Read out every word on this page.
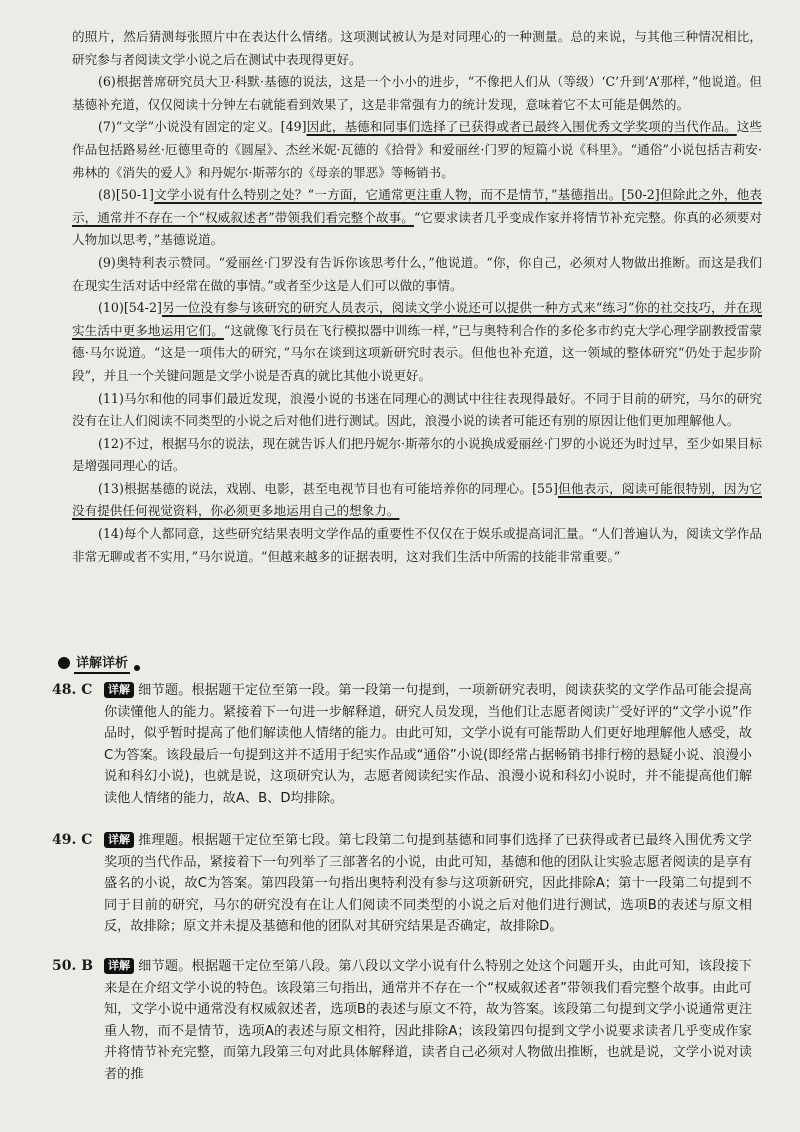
的照片，然后猜测每张照片中在表达什么情绪。这项测试被认为是对同理心的一种测量。总的来说，与其他三种情况相比，研究参与者阅读文学小说之后在测试中表现得更好。

(6)根据普席研究员大卫·科默·基德的说法，这是一个小小的进步，“不像把人们从（等级）‘C’升到‘A’那样，”他说道。但基德补充道，仅仅阅读十分钟左右就能看到效果了，这是非常强有力的统计发现，意味着它不太可能是偶然的。

(7)“文学”小说没有固定的定义。[49]因此，基德和同事们选择了已获得或者已最终入围优秀文学奖项的当代作品。这些作品包括路易丝·厄德里奇的《圆屋》、杰丝米妮·瓦德的《拾骨》和爱丽丝·门罗的短篇小说《科里》。“通俗”小说包括吉莉安·弗林的《消失的爱人》和丹妮尔·斯蒂尔的《母亲的罪恶》等畅销书。

(8)[50-1]文学小说有什么特别之处？“一方面，它通常更注重人物，而不是情节，”基德指出。[50-2]但除此之外，他表示，通常并不存在一个“权威叙述者”带领我们看完整个故事。“它要求读者几乎变成作家并将情节补充完整。你真的必须要对人物加以思考，”基德说道。

(9)奥特利表示赞同。“爱丽丝·门罗没有告诉你该思考什么，”他说道。“你，你自己，必须对人物做出推断。而这是我们在现实生活对话中经常在做的事情。”或者至少这是人们可以做的事情。

(10)[54-2]另一位没有参与该研究的研究人员表示，阅读文学小说还可以提供一种方式来“练习”你的社交技巧，并在现实生活中更多地运用它们。“这就像飞行员在飞行模拟器中训练一样，”已与奥特利合作的多伦多市约克大学心理学副教授雷蒙德·马尔说道。“这是一项伟大的研究，”马尔在谈到这项新研究时表示。但他也补充道，这一领域的整体研究“仍处于起步阶段”，并且一个关键问题是文学小说是否真的就比其他小说更好。

(11)马尔和他的同事们最近发现，浪漫小说的书迷在同理心的测试中往往表现得最好。不同于目前的研究，马尔的研究没有在让人们阅读不同类型的小说之后对他们进行测试。因此，浪漫小说的读者可能还有别的原因让他们更加理解他人。

(12)不过，根据马尔的说法，现在就告诉人们把丹妮尔·斯蒂尔的小说换成爱丽丝·门罗的小说还为时过早，至少如果目标是增强同理心的话。

(13)根据基德的说法，戏剧、电影，甚至电视节目也有可能培养你的同理心。[55]但他表示，阅读可能很特别，因为它没有提供任何视觉资料，你必须更多地运用自己的想象力。

(14)每个人都同意，这些研究结果表明文学作品的重要性不仅仅在于娱乐或提高词汇量。“人们普遍认为，阅读文学作品非常无聊或者不实用，”马尔说道。“但越来越多的证据表明，这对我们生活中所需的技能非常重要。”

详解详析
48. C	详解 细节题。根据题干定位至第一段。第一段第一句提到，一项新研究表明，阅读获奖的文学作品可能会提高你读懂他人的能力。紧接着下一句进一步解释道，研究人员发现，当他们让志愿者阅读广受好评的“文学小说”作品时，似乎暂时提高了他们解读他人情绪的能力。由此可知，文学小说有可能帮助人们更好地理解他人感受，故C为答案。该段最后一句提到这并不适用于纪实作品或“通俗”小说(即经常占据畅销书排行榜的悬疑小说、浪漫小说和科幻小说)，也就是说，这项研究认为，志愿者阅读纪实作品、浪漫小说和科幻小说时，并不能提高他们解读他人情绪的能力，故A、B、D均排除。
49. C	详解 推理题。根据题干定位至第七段。第七段第二句提到基德和同事们选择了已获得或者已最终入围优秀文学奖项的当代作品，紧接着下一句列举了三部著名的小说，由此可知，基德和他的团队让实验志愿者阅读的是享有盛名的小说，故C为答案。第四段第一句指出奥特利没有参与这项新研究，因此排除A；第十一段第二句提到不同于目前的研究，马尔的研究没有在让人们阅读不同类型的小说之后对他们进行测试，选项B的表述与原文相反，故排除；原文并未提及基德和他的团队对其研究结果是否确定，故排除D。
50. B	详解 细节题。根据题干定位至第八段。第八段以文学小说有什么特别之处这个问题开头，由此可知，该段接下来是在介绍文学小说的特色。该段第三句指出，通常并不存在一个“权威叙述者”带领我们看完整个故事。由此可知，文学小说中通常没有权威叙述者，选项B的表述与原文不符，故为答案。该段第二句提到文学小说通常更注重人物，而不是情节，选项A的表述与原文相符，因此排除A；该段第四句提到文学小说要求读者几乎变成作家并将情节补充完整，而第九段第三句对此具体解释道，读者自己必须对人物做出推断，也就是说，文学小说对读者的推
